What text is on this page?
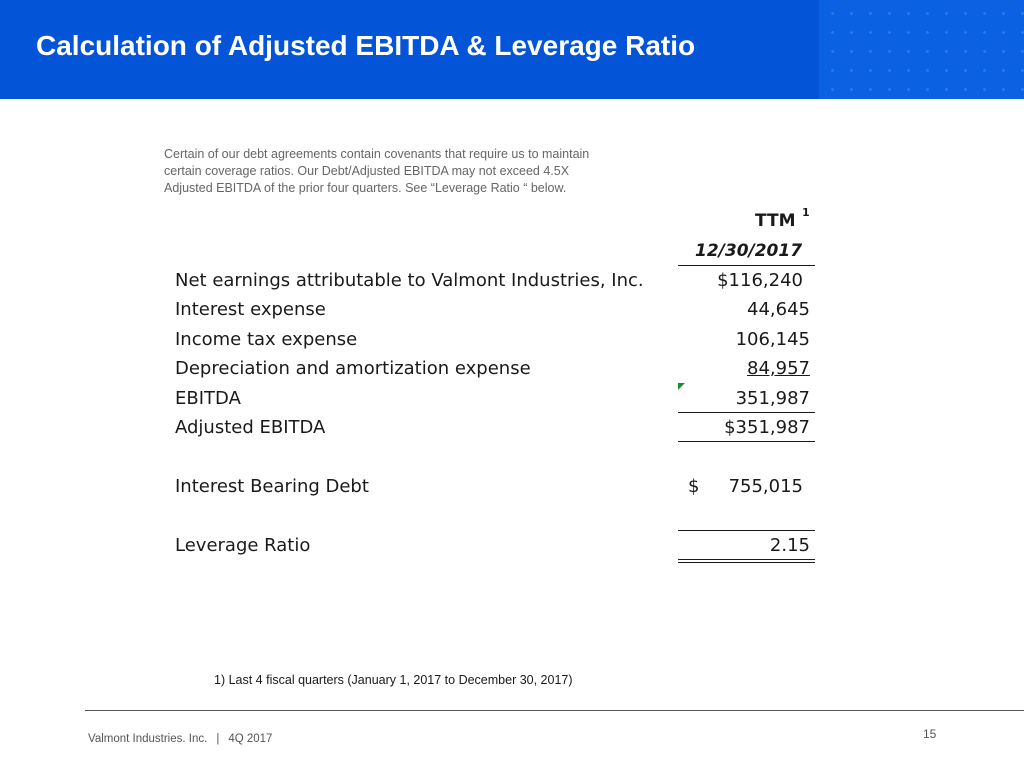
Calculation of Adjusted EBITDA & Leverage Ratio
Certain of our debt agreements contain covenants that require us to maintain
certain coverage ratios. Our Debt/Adjusted EBITDA may not exceed 4.5X
Adjusted EBITDA of the prior four quarters. See “Leverage Ratio “ below.
TTM 1
12/30/2017
Net earnings attributable to Valmont Industries, Inc.	$116,240
Interest expense	44,645
Income tax expense	106,145
Depreciation and amortization expense	84,957
EBITDA	351,987
Adjusted EBITDA	$351,987
Interest Bearing Debt	$ 755,015
Leverage Ratio	2.15
1) Last 4 fiscal quarters (January 1, 2017 to December 30, 2017)
Valmont Industries. Inc. | 4Q 2017	15
